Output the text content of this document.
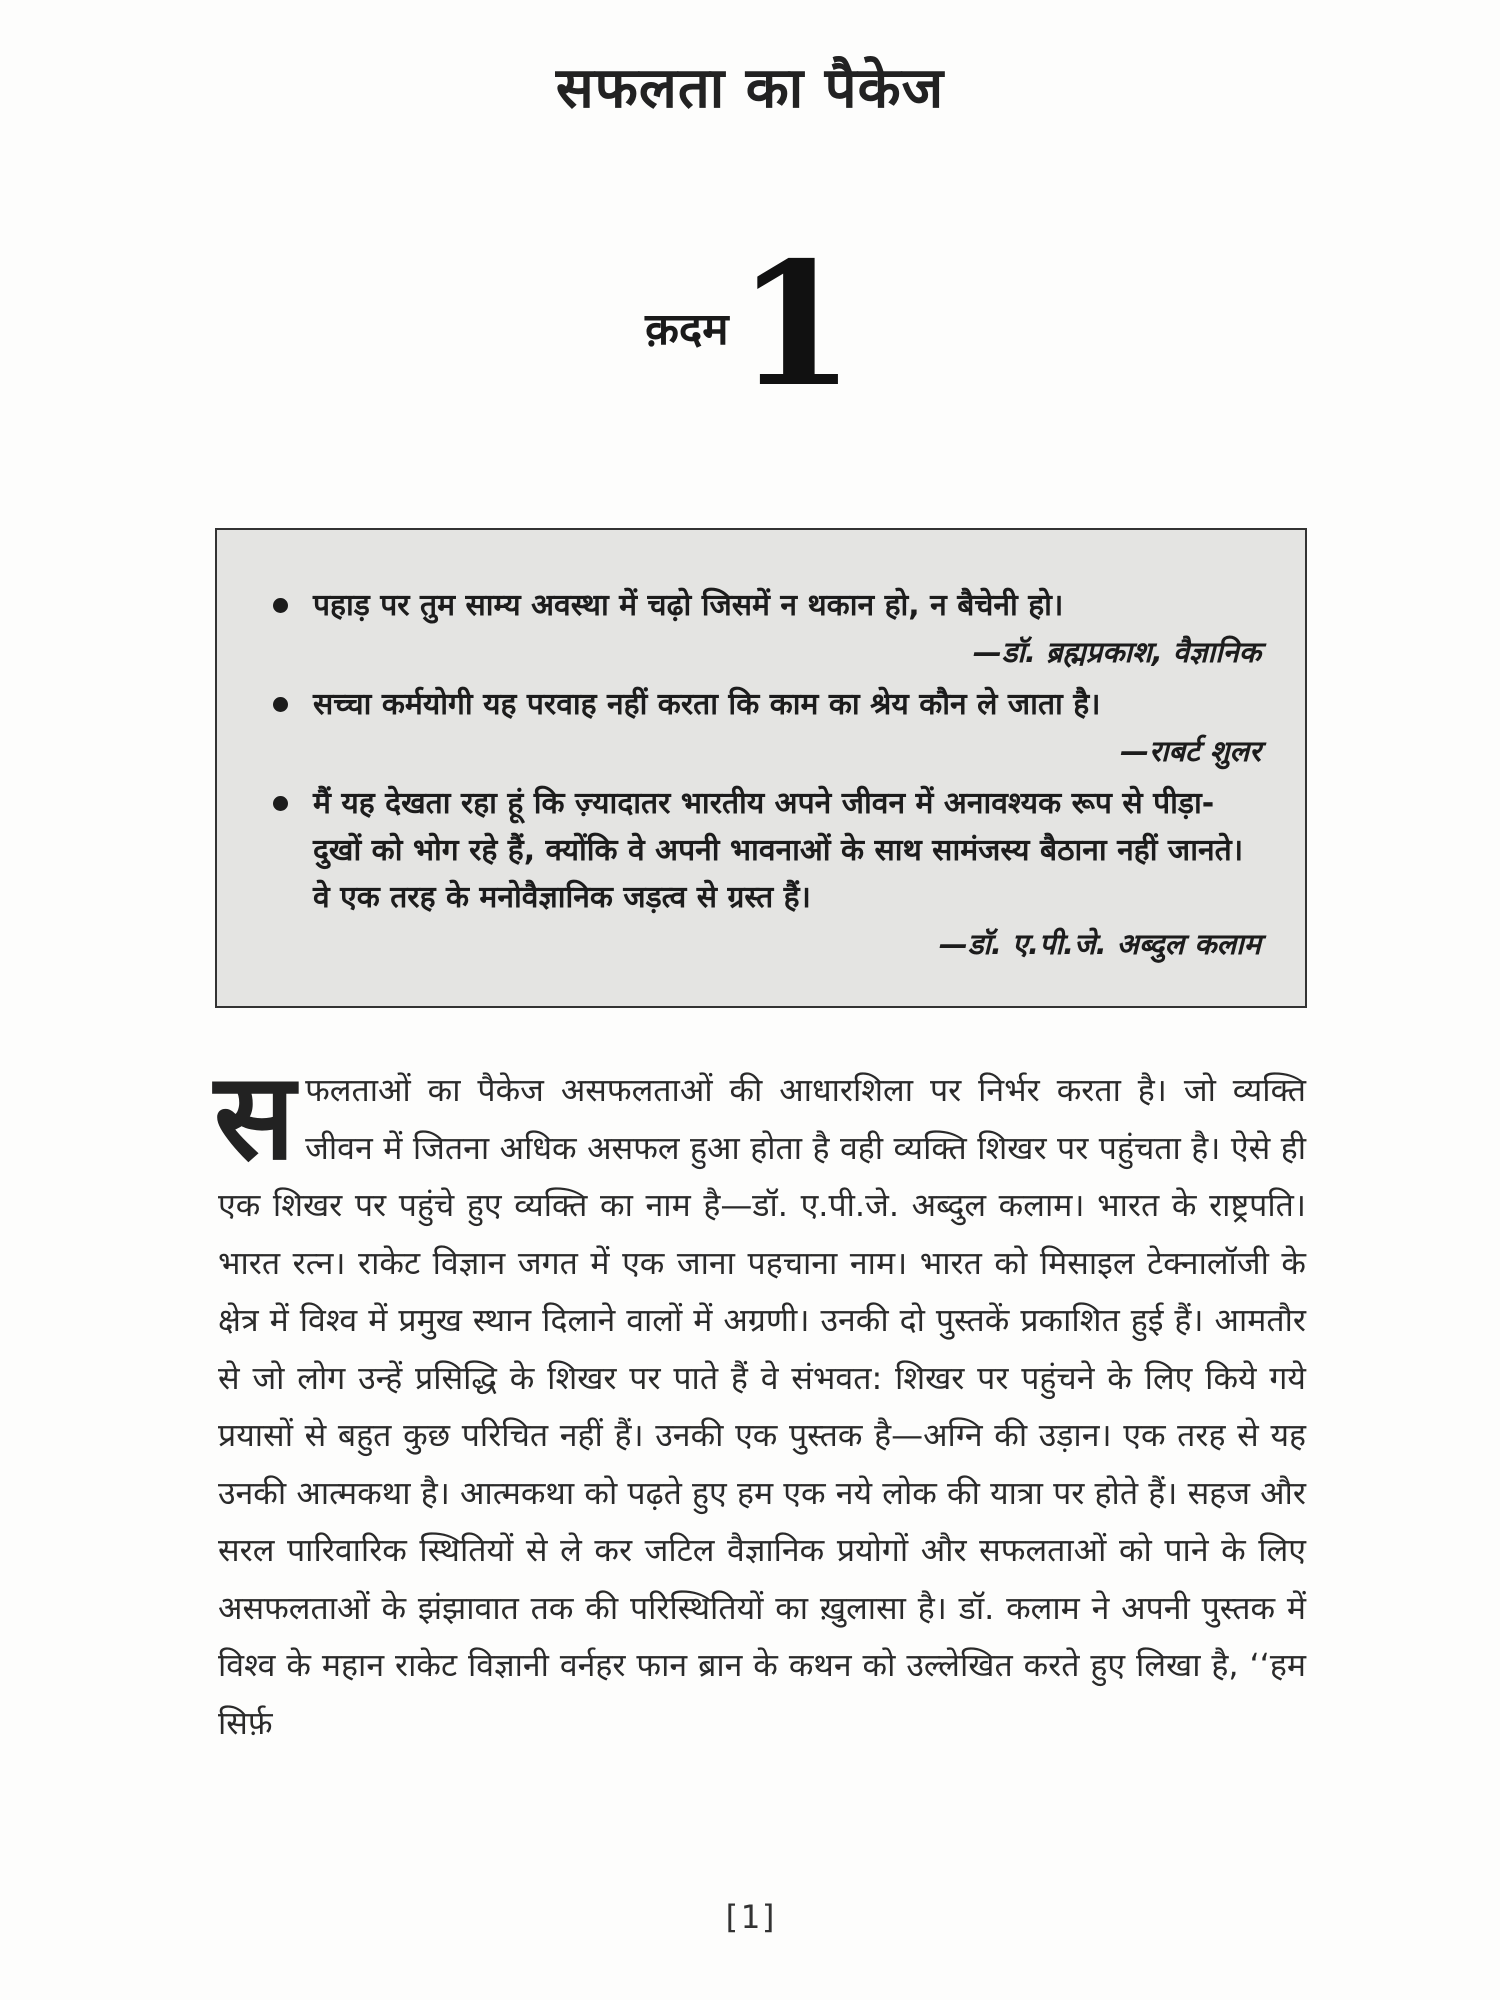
सफलता का पैकेज
क़दम1
पहाड़ पर तुम साम्य अवस्था में चढ़ो जिसमें न थकान हो, न बैचेनी हो।
—डॉ. ब्रह्मप्रकाश, वैज्ञानिक
सच्चा कर्मयोगी यह परवाह नहीं करता कि काम का श्रेय कौन ले जाता है।
—राबर्ट शुलर
मैं यह देखता रहा हूं कि ज़्यादातर भारतीय अपने जीवन में अनावश्यक रूप से पीड़ा-दुखों को भोग रहे हैं, क्योंकि वे अपनी भावनाओं के साथ सामंजस्य बैठाना नहीं जानते। वे एक तरह के मनोवैज्ञानिक जड़त्व से ग्रस्त हैं।
—डॉ. ए.पी.जे. अब्दुल कलाम
सफलताओं का पैकेज असफलताओं की आधारशिला पर निर्भर करता है। जो व्यक्ति जीवन में जितना अधिक असफल हुआ होता है वही व्यक्ति शिखर पर पहुंचता है। ऐसे ही एक शिखर पर पहुंचे हुए व्यक्ति का नाम है—डॉ. ए.पी.जे. अब्दुल कलाम। भारत के राष्ट्रपति। भारत रत्न। राकेट विज्ञान जगत में एक जाना पहचाना नाम। भारत को मिसाइल टेक्नालॉजी के क्षेत्र में विश्व में प्रमुख स्थान दिलाने वालों में अग्रणी। उनकी दो पुस्तकें प्रकाशित हुई हैं। आमतौर से जो लोग उन्हें प्रसिद्धि के शिखर पर पाते हैं वे संभवत: शिखर पर पहुंचने के लिए किये गये प्रयासों से बहुत कुछ परिचित नहीं हैं। उनकी एक पुस्तक है—अग्नि की उड़ान। एक तरह से यह उनकी आत्मकथा है। आत्मकथा को पढ़ते हुए हम एक नये लोक की यात्रा पर होते हैं। सहज और सरल पारिवारिक स्थितियों से ले कर जटिल वैज्ञानिक प्रयोगों और सफलताओं को पाने के लिए असफलताओं के झंझावात तक की परिस्थितियों का ख़ुलासा है। डॉ. कलाम ने अपनी पुस्तक में विश्व के महान राकेट विज्ञानी वर्नहर फान ब्रान के कथन को उल्लेखित करते हुए लिखा है, ‘‘हम सिर्फ़
[1]
